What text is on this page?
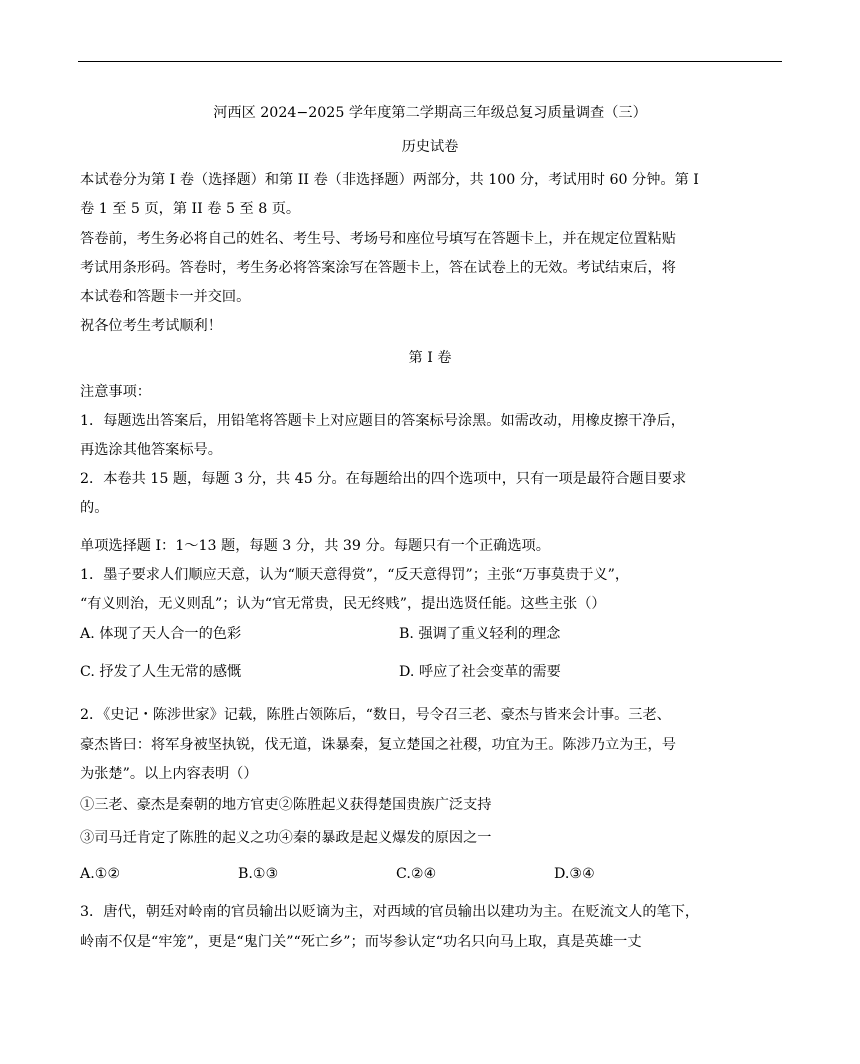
河西区 2024−2025 学年度第二学期高三年级总复习质量调查（三）
历史试卷
本试卷分为第 I 卷（选择题）和第 II 卷（非选择题）两部分，共 100 分，考试用时 60 分钟。第 I
卷 1 至 5 页，第 II 卷 5 至 8 页。
答卷前，考生务必将自己的姓名、考生号、考场号和座位号填写在答题卡上，并在规定位置粘贴
考试用条形码。答卷时，考生务必将答案涂写在答题卡上，答在试卷上的无效。考试结束后，将
本试卷和答题卡一并交回。
祝各位考生考试顺利！
第 I 卷
注意事项：
1．每题选出答案后，用铅笔将答题卡上对应题目的答案标号涂黑。如需改动，用橡皮擦干净后，
再选涂其他答案标号。
2．本卷共 15 题，每题 3 分，共 45 分。在每题给出的四个选项中，只有一项是最符合题目要求
的。
单项选择题 I：1～13 题，每题 3 分，共 39 分。每题只有一个正确选项。
1．墨子要求人们顺应天意，认为“顺天意得赏”，“反天意得罚”；主张“万事莫贵于义”，
“有义则治，无义则乱”；认为“官无常贵，民无终贱”，提出选贤任能。这些主张（）
A. 体现了天人合一的色彩	B. 强调了重义轻利的理念
C. 抒发了人生无常的感慨	D. 呼应了社会变革的需要
2．《史记・陈涉世家》记载，陈胜占领陈后，“数日，号令召三老、豪杰与皆来会计事。三老、
豪杰皆曰：将军身被坚执锐，伐无道，诛暴秦，复立楚国之社稷，功宜为王。陈涉乃立为王，号
为张楚”。以上内容表明（）
①三老、豪杰是秦朝的地方官吏②陈胜起义获得楚国贵族广泛支持
③司马迁肯定了陈胜的起义之功④秦的暴政是起义爆发的原因之一
A.①②	B.①③	C.②④	D.③④
3．唐代，朝廷对岭南的官员输出以贬谪为主，对西域的官员输出以建功为主。在贬流文人的笔下，
岭南不仅是“牢笼”，更是“鬼门关”“死亡乡”；而岑参认定“功名只向马上取，真是英雄一丈
